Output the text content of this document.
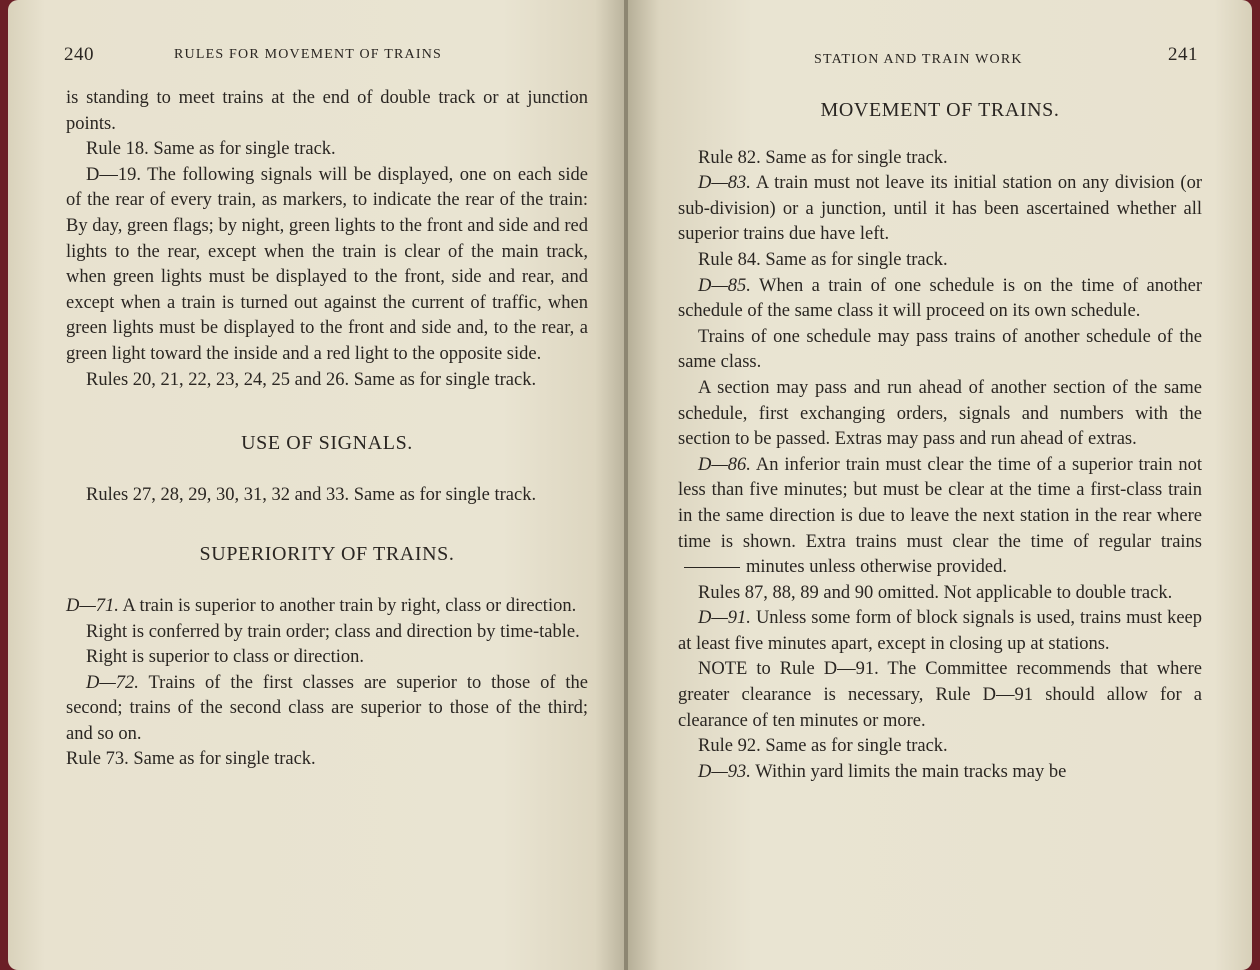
240	RULES FOR MOVEMENT OF TRAINS

is standing to meet trains at the end of double track or at junction points.

Rule 18. Same as for single track.

D—19. The following signals will be displayed, one on each side of the rear of every train, as markers, to indicate the rear of the train: By day, green flags; by night, green lights to the front and side and red lights to the rear, except when the train is clear of the main track, when green lights must be displayed to the front, side and rear, and except when a train is turned out against the current of traffic, when green lights must be displayed to the front and side and, to the rear, a green light toward the inside and a red light to the opposite side.

Rules 20, 21, 22, 23, 24, 25 and 26. Same as for single track.

USE OF SIGNALS.

Rules 27, 28, 29, 30, 31, 32 and 33. Same as for single track.

SUPERIORITY OF TRAINS.

D—71. A train is superior to another train by right, class or direction.

Right is conferred by train order; class and direction by time-table.

Right is superior to class or direction.

D—72. Trains of the first classes are superior to those of the second; trains of the second class are superior to those of the third; and so on.

Rule 73. Same as for single track.

STATION AND TRAIN WORK	241
MOVEMENT OF TRAINS.

Rule 82. Same as for single track.

D—83. A train must not leave its initial station on any division (or sub-division) or a junction, until it has been ascertained whether all superior trains due have left.

Rule 84. Same as for single track.

D—85. When a train of one schedule is on the time of another schedule of the same class it will proceed on its own schedule.

Trains of one schedule may pass trains of another schedule of the same class.

A section may pass and run ahead of another section of the same schedule, first exchanging orders, signals and numbers with the section to be passed. Extras may pass and run ahead of extras.

D—86. An inferior train must clear the time of a superior train not less than five minutes; but must be clear at the time a first-class train in the same direction is due to leave the next station in the rear where time is shown. Extra trains must clear the time of regular trainsminutes unless otherwise provided.

Rules 87, 88, 89 and 90 omitted. Not applicable to double track.

D—91. Unless some form of block signals is used, trains must keep at least five minutes apart, except in closing up at stations.

NOTE to Rule D—91. The Committee recommends that where greater clearance is necessary, Rule D—91 should allow for a clearance of ten minutes or more.

Rule 92. Same as for single track.

D—93. Within yard limits the main tracks may be
